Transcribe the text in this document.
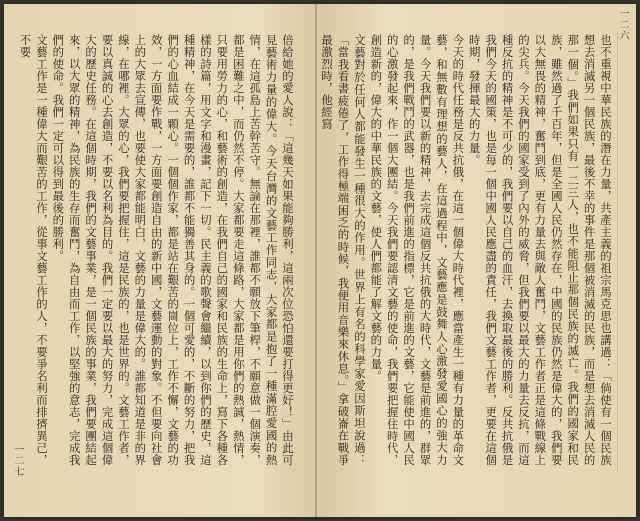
一二七	倍給她的愛人說：「這幾天如果能夠勝利，這兩次位恐怕還要打得更好！」由此可見藝術力量的偉大。今天台灣的文藝工作同志，大家都是抱了一種滿腔愛國的熱情，在這孤島上苦幹苦守。無論在那裡，誰都不願放下筆桿，不願意做一個演奏，都是困難之中，而仍然不停。大家都要走這條路，大家都是用你們的熱誠，熱情，只要用勞力的心，和藝術的創造，在我們自己的國家和民族的生命上，寫下各種各樣的詩篇，用文字和漫畫，記下一切。民主義的歌聲會繼續，以到你們的歷史，這種精神，在今天是需要的，誰都不能獨善其身的。一個可愛的，不斷的努力，把我們的心血結成一顆心。一個個作家，都是站在艱苦的崗位上，工作不懈，文藝的功效，一方面要作戰，一方面要創造自由的新中國，文藝運動的對象。不但要向社會上的大眾去宣傳，也要使大家都能明白，文藝的力量是偉大的。誰都知道是非的界線，在哪裡。大眾的心，我們要把握住，這是民族的，也是世界的。文藝工作者，要以真誠的心去創造，不要以名利為目的。我們一定要以最大的努力，完成這個偉大的歷史任務。在這個時期，我們的文藝事業，是一個民族的事業，我們要團結起來，以大眾的精神，為民族的生存而奮鬥，為自由而工作，以堅強的意志，完成我們的使命。我們一定可以得到最後的勝利。
文藝工作是一種偉大而艱苦的工作，從事文藝工作的人，不要爭名利而排擠異己，不要
一二六
也不重視中華民族的潛在力量，共產主義的祖宗馬克思也講過：「倘使有一個民族想去消滅另一個民族，最後不幸的事件是那個被消滅的民族，而是想去消滅人民的那一個。」我們如果只有一二三人，也不能阻止那個民族的滅亡。我們的國家和民族，雖然過了千百年，但是全國人民仍然存在，中國的民族仍然是偉大的，我們要以大無畏的精神，奮鬥到底，更有力量去與敵人奮鬥，文藝工作者正是這條戰線上的尖兵。今天我們的國家受到了內外的威脅，但我們要以最大的力量去反抗，而這種反抗的精神是不可少的，我們要以自己的血汗，去換取最後的勝利。反共抗俄是我們今天的國策，也是每一個中國人民應盡的責任，我們文藝工作者，更要在這個時期，發揮最大的力量。
今天的時代任務是反共抗俄，在這一個偉大時代裡，應當產生一種有力量的革命文藝，和無數有理想的藝人，在這過程中，文藝應是鼓舞人心激發愛國心的強大力量。今天我們要以新的精神，去完成這個反共抗俄的大時代，文藝是前進的，群眾的，是我們戰鬥的武器，也是我們前進的指標，它是前進的文藝，它能使中國人民的心激發起來，作一個大團結。今天我們要認清文藝的使命，我們要把握住時代，創造新的，偉大的中華民族的文藝，使人們都能了解文藝的力量。
文藝對於任何人都能發生一種很大的作用。世界上有名的科學家愛因斯坦說過：「當我看書疲倦了，工作得極端困乏的時候，我便用音樂來休息。」拿破崙在戰爭最激烈時，他經寫
